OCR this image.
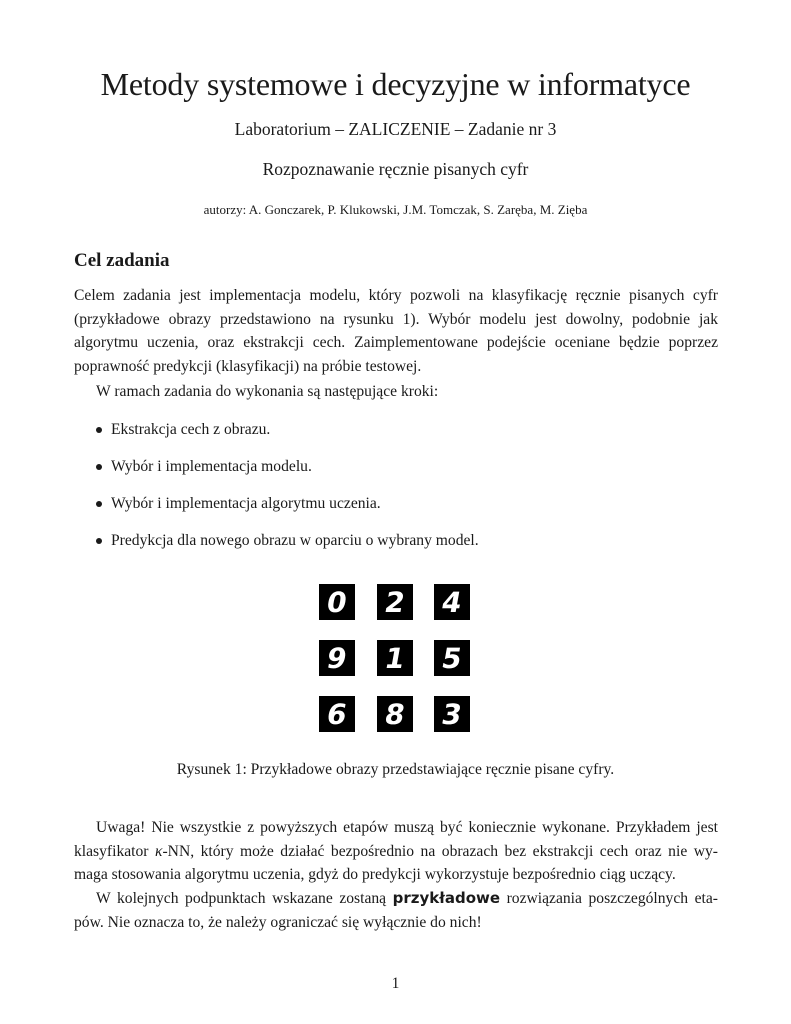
Metody systemowe i decyzyjne w informatyce
Laboratorium – ZALICZENIE – Zadanie nr 3
Rozpoznawanie ręcznie pisanych cyfr
autorzy: A. Gonczarek, P. Klukowski, J.M. Tomczak, S. Zaręba, M. Zięba
Cel zadania
Celem zadania jest implementacja modelu, który pozwoli na klasyfikację ręcznie pisanych cyfr
(przykładowe obrazy przedstawiono na rysunku 1). Wybór modelu jest dowolny, podobnie jak
algorytmu uczenia, oraz ekstrakcji cech. Zaimplementowane podejście oceniane będzie poprzez
poprawność predykcji (klasyfikacji) na próbie testowej.
W ramach zadania do wykonania są następujące kroki:
Ekstrakcja cech z obrazu.
Wybór i implementacja modelu.
Wybór i implementacja algorytmu uczenia.
Predykcja dla nowego obrazu w oparciu o wybrany model.
0 2 4
9 1 5
6 8 3
Rysunek 1: Przykładowe obrazy przedstawiające ręcznie pisane cyfry.
Uwaga! Nie wszystkie z powyższych etapów muszą być koniecznie wykonane. Przykładem jest
klasyfikator κ-NN, który może działać bezpośrednio na obrazach bez ekstrakcji cech oraz nie wy-
maga stosowania algorytmu uczenia, gdyż do predykcji wykorzystuje bezpośrednio ciąg uczący.
W kolejnych podpunktach wskazane zostaną przykładowe rozwiązania poszczególnych eta-
pów. Nie oznacza to, że należy ograniczać się wyłącznie do nich!
1
